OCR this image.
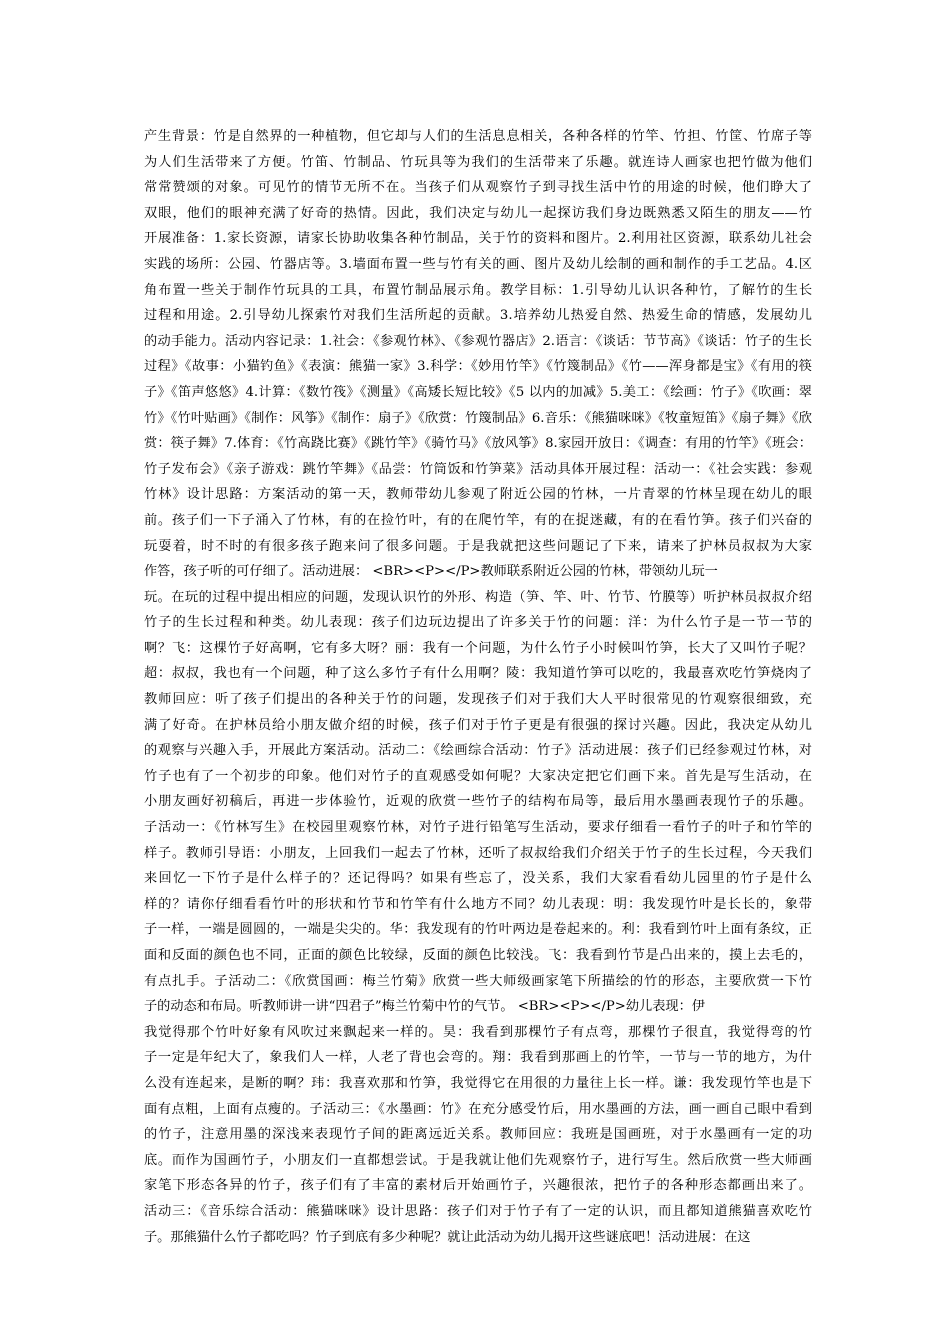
产生背景：竹是自然界的一种植物，但它却与人们的生活息息相关，各种各样的竹竿、竹担、竹筐、竹席子等
为人们生活带来了方便。竹笛、竹制品、竹玩具等为我们的生活带来了乐趣。就连诗人画家也把竹做为他们
常常赞颂的对象。可见竹的情节无所不在。当孩子们从观察竹子到寻找生活中竹的用途的时候，他们睁大了
双眼，他们的眼神充满了好奇的热情。因此，我们决定与幼儿一起探访我们身边既熟悉又陌生的朋友——竹
开展准备：1.家长资源，请家长协助收集各种竹制品，关于竹的资料和图片。2.利用社区资源，联系幼儿社会
实践的场所：公园、竹器店等。3.墙面布置一些与竹有关的画、图片及幼儿绘制的画和制作的手工艺品。4.区
角布置一些关于制作竹玩具的工具，布置竹制品展示角。教学目标：1.引导幼儿认识各种竹，了解竹的生长
过程和用途。2.引导幼儿探索竹对我们生活所起的贡献。3.培养幼儿热爱自然、热爱生命的情感，发展幼儿
的动手能力。活动内容记录：1.社会：《参观竹林》、《参观竹器店》2.语言：《谈话：节节高》《谈话：竹子的生长
过程》《故事：小猫钓鱼》《表演：熊猫一家》3.科学：《妙用竹竿》《竹篾制品》《竹——浑身都是宝》《有用的筷
子》《笛声悠悠》4.计算：《数竹筏》《测量》《高矮长短比较》《5 以内的加减》5.美工：《绘画：竹子》《吹画：翠
竹》《竹叶贴画》《制作：风筝》《制作：扇子》《欣赏：竹篾制品》6.音乐：《熊猫咪咪》《牧童短笛》《扇子舞》《欣
赏：筷子舞》7.体育：《竹高跷比赛》《跳竹竿》《骑竹马》《放风筝》8.家园开放日：《调查：有用的竹竿》《班会：
竹子发布会》《亲子游戏：跳竹竿舞》《品尝：竹筒饭和竹笋菜》活动具体开展过程：活动一：《社会实践：参观
竹林》设计思路：方案活动的第一天，教师带幼儿参观了附近公园的竹林，一片青翠的竹林呈现在幼儿的眼
前。孩子们一下子涌入了竹林，有的在捡竹叶，有的在爬竹竿，有的在捉迷藏，有的在看竹笋。孩子们兴奋的
玩耍着，时不时的有很多孩子跑来问了很多问题。于是我就把这些问题记了下来，请来了护林员叔叔为大家
作答，孩子听的可仔细了。活动进展： <BR><P></P>教师联系附近公园的竹林，带领幼儿玩一
玩。在玩的过程中提出相应的问题，发现认识竹的外形、构造（笋、竿、叶、竹节、竹膜等）听护林员叔叔介绍
竹子的生长过程和种类。幼儿表现：孩子们边玩边提出了许多关于竹的问题：洋：为什么竹子是一节一节的
啊？飞：这棵竹子好高啊，它有多大呀？丽：我有一个问题，为什么竹子小时候叫竹笋，长大了又叫竹子呢？
超：叔叔，我也有一个问题，种了这么多竹子有什么用啊？陵：我知道竹笋可以吃的，我最喜欢吃竹笋烧肉了
教师回应：听了孩子们提出的各种关于竹的问题，发现孩子们对于我们大人平时很常见的竹观察很细致，充
满了好奇。在护林员给小朋友做介绍的时候，孩子们对于竹子更是有很强的探讨兴趣。因此，我决定从幼儿
的观察与兴趣入手，开展此方案活动。活动二：《绘画综合活动：竹子》活动进展：孩子们已经参观过竹林，对
竹子也有了一个初步的印象。他们对竹子的直观感受如何呢？大家决定把它们画下来。首先是写生活动，在
小朋友画好初稿后，再进一步体验竹，近观的欣赏一些竹子的结构布局等，最后用水墨画表现竹子的乐趣。
子活动一：《竹林写生》在校园里观察竹林，对竹子进行铅笔写生活动，要求仔细看一看竹子的叶子和竹竿的
样子。教师引导语：小朋友，上回我们一起去了竹林，还听了叔叔给我们介绍关于竹子的生长过程，今天我们
来回忆一下竹子是什么样子的？还记得吗？如果有些忘了，没关系，我们大家看看幼儿园里的竹子是什么
样的？请你仔细看看竹叶的形状和竹节和竹竿有什么地方不同？幼儿表现：明：我发现竹叶是长长的，象带
子一样，一端是圆圆的，一端是尖尖的。华：我发现有的竹叶两边是卷起来的。利：我看到竹叶上面有条纹，正
面和反面的颜色也不同，正面的颜色比较绿，反面的颜色比较浅。飞：我看到竹节是凸出来的，摸上去毛的，
有点扎手。子活动二：《欣赏国画：梅兰竹菊》欣赏一些大师级画家笔下所描绘的竹的形态，主要欣赏一下竹
子的动态和布局。听教师讲一讲“四君子”梅兰竹菊中竹的气节。 <BR><P></P>幼儿表现：伊
我觉得那个竹叶好象有风吹过来飘起来一样的。昊：我看到那棵竹子有点弯，那棵竹子很直，我觉得弯的竹
子一定是年纪大了，象我们人一样，人老了背也会弯的。翔：我看到那画上的竹竿，一节与一节的地方，为什
么没有连起来，是断的啊？玮：我喜欢那和竹笋，我觉得它在用很的力量往上长一样。谦：我发现竹竿也是下
面有点粗，上面有点瘦的。子活动三：《水墨画：竹》在充分感受竹后，用水墨画的方法，画一画自己眼中看到
的竹子，注意用墨的深浅来表现竹子间的距离远近关系。教师回应：我班是国画班，对于水墨画有一定的功
底。而作为国画竹子，小朋友们一直都想尝试。于是我就让他们先观察竹子，进行写生。然后欣赏一些大师画
家笔下形态各异的竹子，孩子们有了丰富的素材后开始画竹子，兴趣很浓，把竹子的各种形态都画出来了。
活动三：《音乐综合活动：熊猫咪咪》设计思路：孩子们对于竹子有了一定的认识，而且都知道熊猫喜欢吃竹
子。那熊猫什么竹子都吃吗？竹子到底有多少种呢？就让此活动为幼儿揭开这些谜底吧！活动进展：在这
